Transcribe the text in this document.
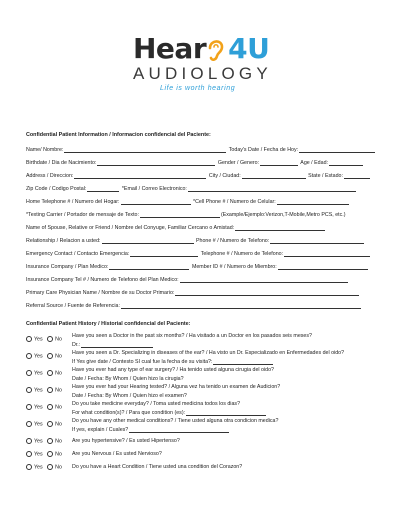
Hear 4U
AUDIOLOGY
Life is worth hearing
Confidential Patient Information / Informacion confidencial del Paciente:
Name/ Nombre:	Today's Date / Fecha de Hoy:
Birthdate / Dia de Nacimiento:	Gender / Genero:	Age / Edad:
Address / Direccion:	City / Ciudad:	State / Estado:
Zip Code / Codigo Postal:	*Email / Correo Electronico:
Home Telephone # / Numero del Hogar:	*Cell Phone # / Numero de Celular:
*Texting Carrier / Portador de mensaje de Texto:	(Example/Ejemplo:Verizon,T-Mobile,Metro PCS, etc.)
Name of Spouse, Relative or Friend / Nombre del Conyuge, Familiar Cercano o Amistad:
Relationship / Relacion a usted:	Phone # / Numero de Telefono:
Emergency Contact / Contacto Emergencia:	Telephone # / Numero de Telefono:
Insurance Company / Plan Medico:	Member ID # / Numero de Miembro:
Insurance Company Tel # / Numero de Telefono del Plan Medico:
Primary Care Physician Name / Nombre de su Doctor Primario:
Referral Source / Fuente de Referencia:
Confidential Patient History / Historial confidencial del Paciente:
Yes No
Have you seen a Doctor in the past six months? / Ha visitado a un Doctor en los pasados seis meses?
Dr.:
Yes No
Have you seen a Dr. Specializing in diseases of the ear? / Ha visto un Dr. Especializado en Enfermedades del oido?
If Yes give date / Contesto SI cual fue la fecha de su visita?:
Yes No
Have you ever had any type of ear surgery? / Ha tenido usted alguna cirugia del oido?
Date / Fecha: By Whom / Quien hizo la cirugia?
Yes No
Have you ever had your Hearing tested? / Alguna vez ha tenido un examen de Audicion?
Date / Fecha: By Whom / Quien hizo el examen?
Yes No
Do you take medicine everyday? / Toma usted medicina todos los dias?
For what condition(s)? / Para que condition (es):
Yes No
Do you have any other medical conditions? / Tiene usted alguna otra condicion medica?
If yes, explain / Cuales?
Yes No	Are you hypertensive? / Es usted Hipertenso?
Yes No	Are you Nervous / Es usted Nervioso?
Yes No	Do you have a Heart Condition / Tiene usted una condition del Corazon?
